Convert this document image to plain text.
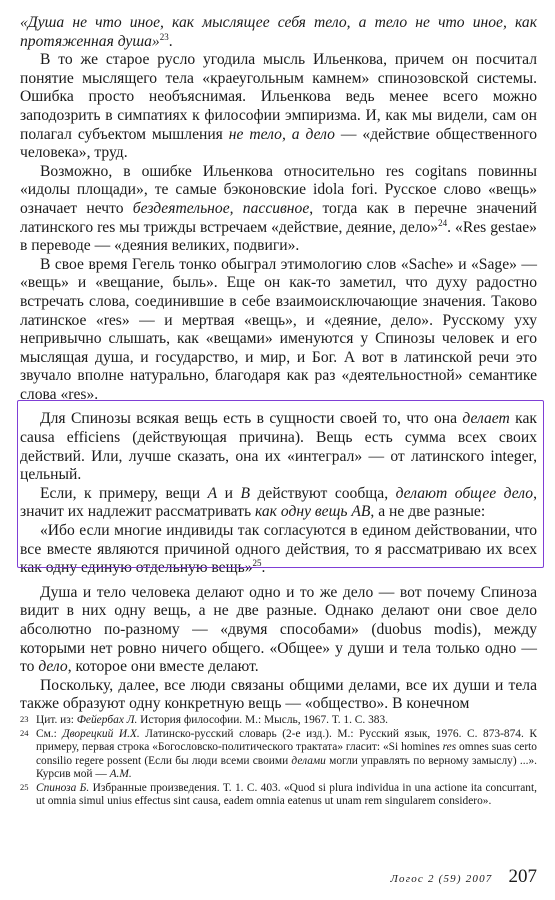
«Душа не что иное, как мыслящее себя тело, а тело не что иное, как протяженная душа»$^{23}$.

В то же старое русло угодила мысль Ильенкова, причем он посчитал понятие мыслящего тела «краеугольным камнем» спинозовской системы. Ошибка просто необъяснимая. Ильенкова ведь менее всего можно заподозрить в симпатиях к философии эмпиризма. И, как мы видели, сам он полагал субъектом мышления не тело, а дело — «действие общественного человека», труд.

Возможно, в ошибке Ильенкова относительно res cogitans повинны «идолы площади», те самые бэконовские idola fori. Русское слово «вещь» означает нечто бездеятельное, пассивное, тогда как в перечне значений латинского res мы трижды встречаем «действие, деяние, дело»$^{24}$. «Res gestae» в переводе — «деяния великих, подвиги».

В свое время Гегель тонко обыграл этимологию слов «Sache» и «Sage» — «вещь» и «вещание, быль». Еще он как-то заметил, что духу радостно встречать слова, соединившие в себе взаимоисключающие значения. Таково латинское «res» — и мертвая «вещь», и «деяние, дело». Русскому уху непривычно слышать, как «вещами» именуются у Спинозы человек и его мыслящая душа, и государство, и мир, и Бог. А вот в латинской речи это звучало вполне натурально, благодаря как раз «деятельностной» семантике слова «res».

Для Спинозы всякая вещь есть в сущности своей то, что она делает как causa efficiens (действующая причина). Вещь есть сумма всех своих действий. Или, лучше сказать, она их «интеграл» — от латинского integer, цельный.

Если, к примеру, вещи А и В действуют сообща, делают общее дело, значит их надлежит рассматривать как одну вещь АВ, а не две разные:

«Ибо если многие индивиды так согласуются в едином действовании, что все вместе являются причиной одного действия, то я рассматриваю их всех как одну единую отдельную вещь»$^{25}$.

Душа и тело человека делают одно и то же дело — вот почему Спиноза видит в них одну вещь, а не две разные. Однако делают они свое дело абсолютно по-разному — «двумя способами» (duobus modis), между которыми нет ровно ничего общего. «Общее» у души и тела только одно — то дело, которое они вместе делают.

Поскольку, далее, все люди связаны общими делами, все их души и тела также образуют одну конкретную вещь — «общество». В конечном

23 Цит. из: Фейербах Л. История философии. М.: Мысль, 1967. Т. 1. С. 383.
24 См.: Дворецкий И.Х. Латинско-русский словарь (2-е изд.). М.: Русский язык, 1976. С. 873-874. К примеру, первая строка «Богословско-политического трактата» гласит: «Si homines res omnes suas certo consilio regere possent (Если бы люди всеми своими делами могли управлять по верному замыслу) ...». Курсив мой — А.М.
25 Спиноза Б. Избранные произведения. Т. 1. С. 403. «Quod si plura individua in una actione ita concurrant, ut omnia simul unius effectus sint causa, eadem omnia eatenus ut unam rem singularem considero».
Логос 2 (59) 2007 207
